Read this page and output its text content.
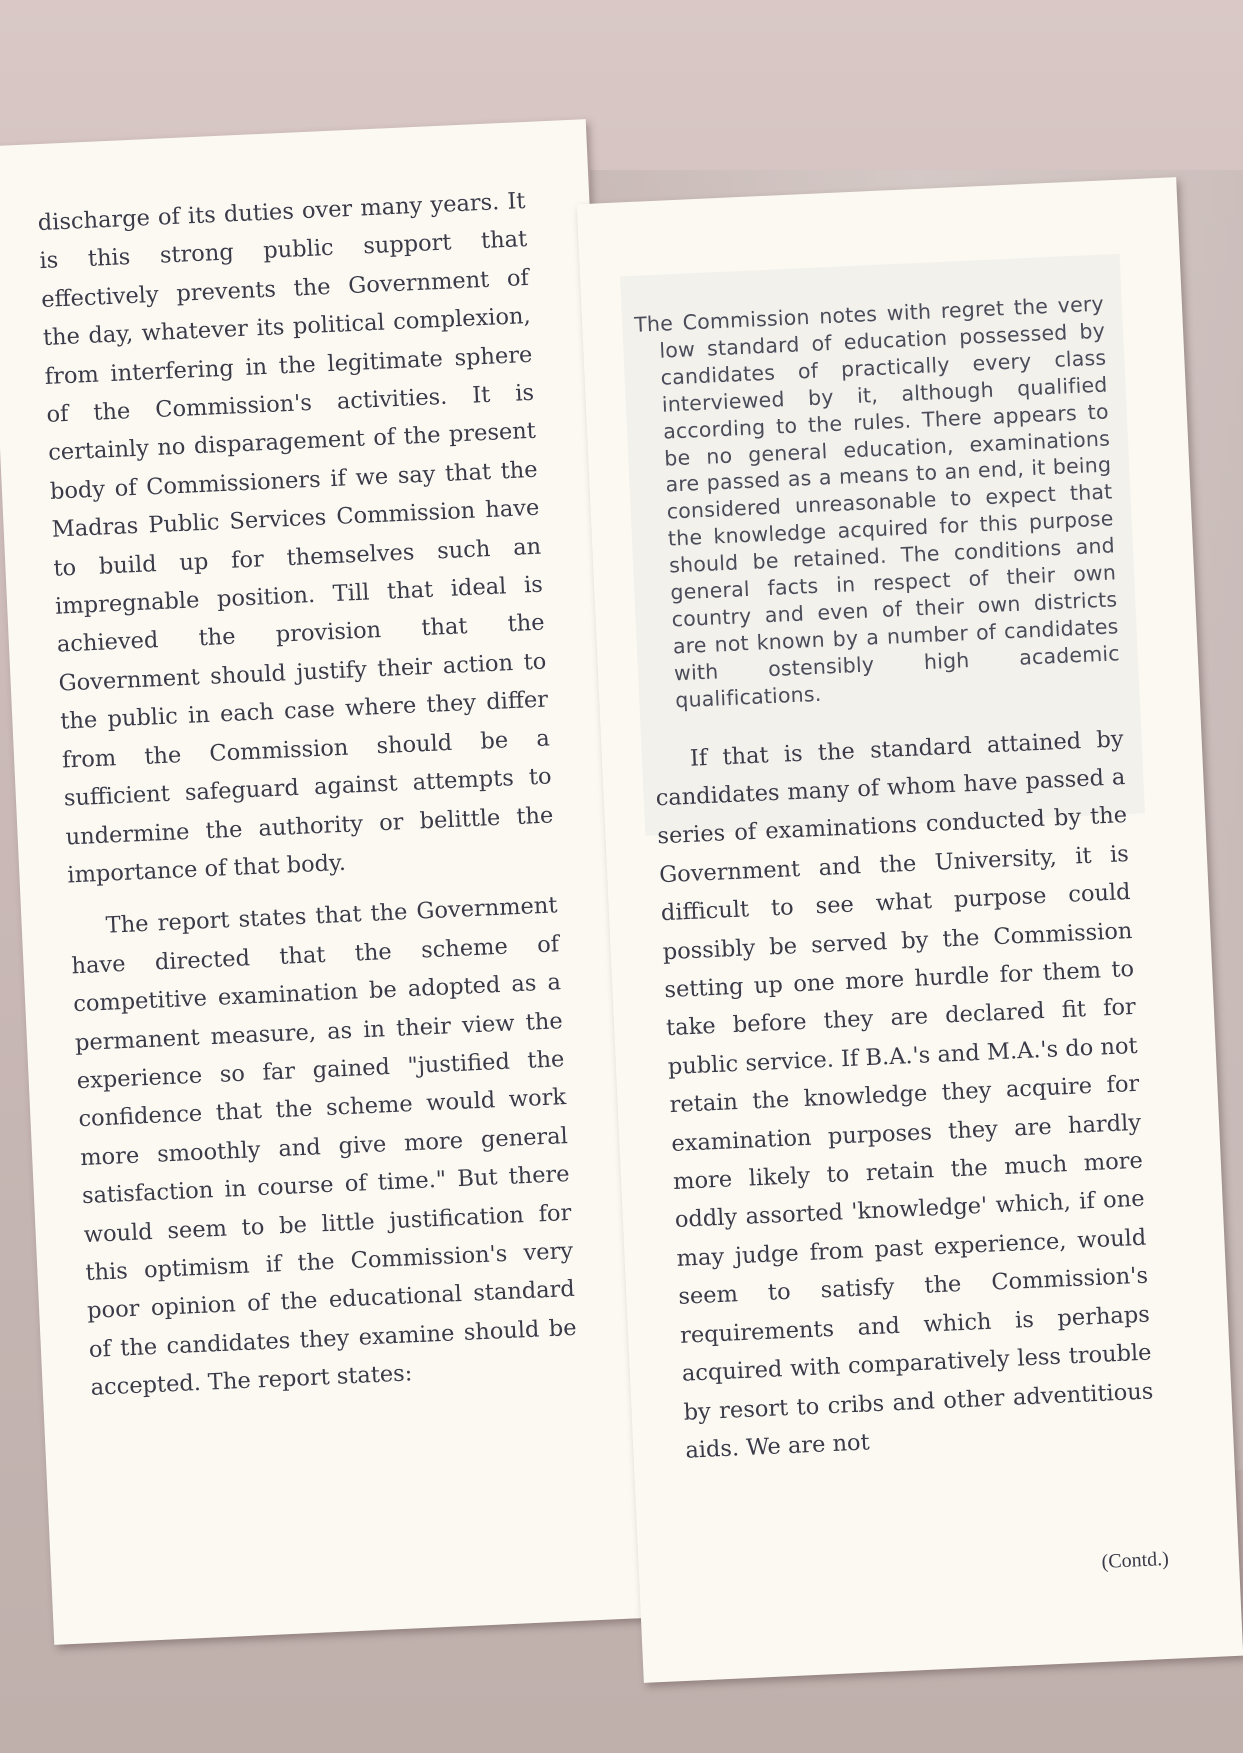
discharge of its duties over many years. It is this strong public support that effectively prevents the Government of the day, whatever its political complexion, from interfering in the legitimate sphere of the Commission's activities. It is certainly no disparagement of the present body of Commissioners if we say that the Madras Public Services Commission have to build up for themselves such an impregnable position. Till that ideal is achieved the provision that the Government should justify their action to the public in each case where they differ from the Commission should be a sufficient safeguard against attempts to undermine the authority or belittle the importance of that body.

The report states that the Government have directed that the scheme of competitive examination be adopted as a permanent measure, as in their view the experience so far gained "justified the confidence that the scheme would work more smoothly and give more general satisfaction in course of time." But there would seem to be little justification for this optimism if the Commission's very poor opinion of the educational standard of the candidates they examine should be accepted. The report states:

The Commission notes with regret the very low standard of education possessed by candidates of practically every class interviewed by it, although qualified according to the rules. There appears to be no general education, examinations are passed as a means to an end, it being considered unreasonable to expect that the knowledge acquired for this purpose should be retained. The conditions and general facts in respect of their own country and even of their own districts are not known by a number of candidates with ostensibly high academic qualifications.

If that is the standard attained by candidates many of whom have passed a series of examinations conducted by the Government and the University, it is difficult to see what purpose could possibly be served by the Commission setting up one more hurdle for them to take before they are declared fit for public service. If B.A.'s and M.A.'s do not retain the knowledge they acquire for examination purposes they are hardly more likely to retain the much more oddly assorted 'knowledge' which, if one may judge from past experience, would seem to satisfy the Commission's requirements and which is perhaps acquired with comparatively less trouble by resort to cribs and other adventitious aids. We are not

(Contd.)
